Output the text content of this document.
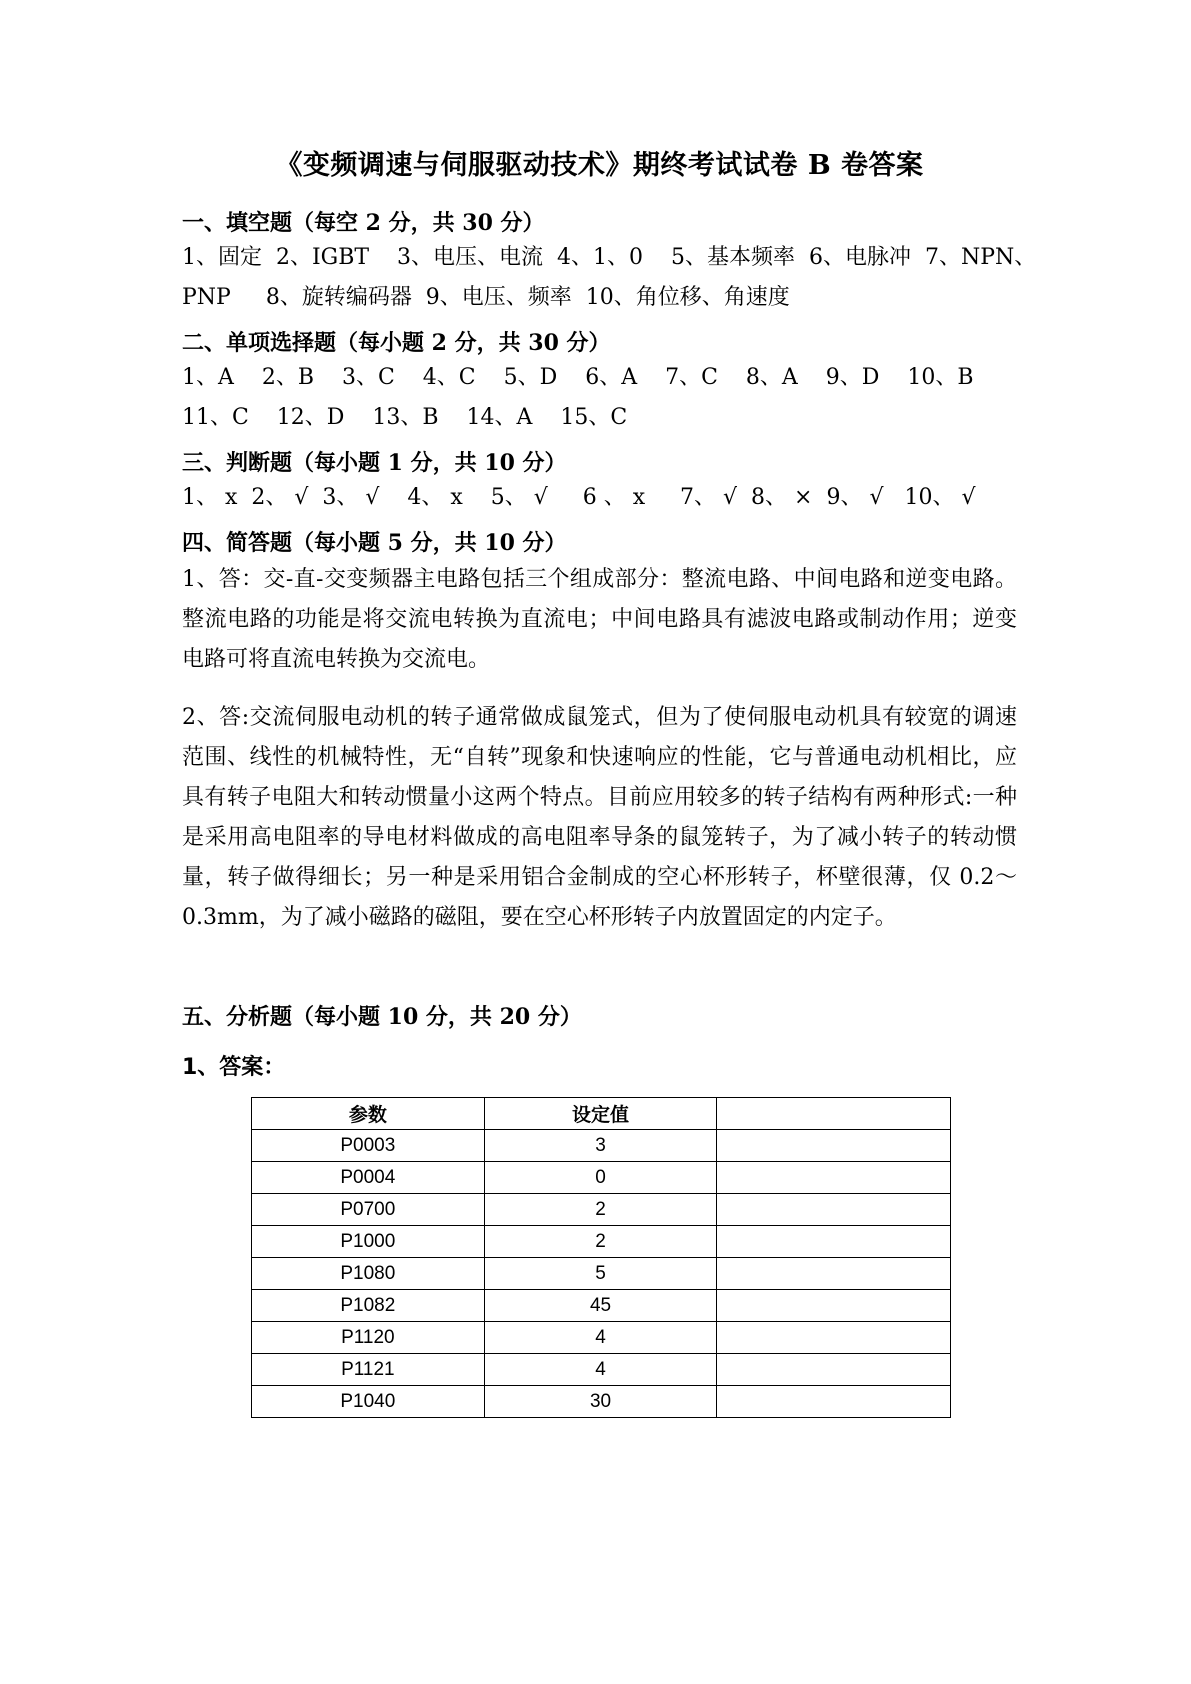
《变频调速与伺服驱动技术》期终考试试卷 B 卷答案
一、填空题（每空 2 分，共 30 分）
1、固定  2、IGBT    3、电压、电流  4、1、0    5、基本频率  6、电脉冲  7、NPN、
PNP     8、旋转编码器  9、电压、频率  10、角位移、角速度
二、单项选择题（每小题 2 分，共 30 分）
1、A    2、B    3、C    4、C    5、D    6、A    7、C    8、A    9、D    10、B
11、C    12、D    13、B    14、A    15、C
三、判断题（每小题 1 分，共 10 分）
1、 x  2、 √  3、 √    4、 x    5、 √     6 、 x     7、 √  8、 ×  9、 √   10、 √
四、简答题（每小题 5 分，共 10 分）
1、答：交-直-交变频器主电路包括三个组成部分：整流电路、中间电路和逆变电路。整流电路的功能是将交流电转换为直流电；中间电路具有滤波电路或制动作用；逆变电路可将直流电转换为交流电。
2、答:交流伺服电动机的转子通常做成鼠笼式，但为了使伺服电动机具有较宽的调速范围、线性的机械特性，无“自转”现象和快速响应的性能，它与普通电动机相比，应具有转子电阻大和转动惯量小这两个特点。目前应用较多的转子结构有两种形式:一种是采用高电阻率的导电材料做成的高电阻率导条的鼠笼转子，为了减小转子的转动惯量，转子做得细长；另一种是采用铝合金制成的空心杯形转子，杯壁很薄，仅 0.2～0.3mm，为了减小磁路的磁阻，要在空心杯形转子内放置固定的内定子。
五、分析题（每小题 10 分，共 20 分）
1、答案：
参数	设定值	
P0003	3	
P0004	0	
P0700	2	
P1000	2	
P1080	5	
P1082	45	
P1120	4	
P1121	4	
P1040	30	
